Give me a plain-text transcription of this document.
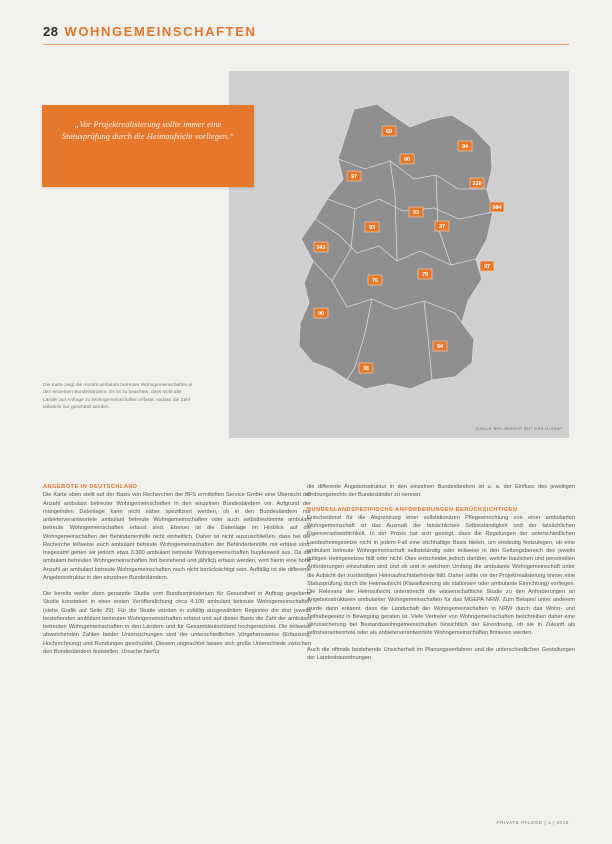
28 WOHNGEMEINSCHAFTEN
69
60
94
97
328
984
93
37
343
93
97
76
79
90
94
38
„Vor Projektrealisierung sollte immer eine Statusprüfung durch die Heimaufsicht vorliegen.“
Die Karte zeigt die Anzahl ambulant betreuter Wohngemeinschaften in den einzelnen Bundesländern. Es ist zu beachten, dass nicht alle Länder auf Anfrage zu Wohngemeinschaften erfasst, sodass die Zahl teilweise nur geschätzt werden.
QUELLE: BFS: BERICHT SEIT 2015 ZU ASAP

ANGEBOTE IN DEUTSCHLAND

Die Karte oben stellt auf der Basis von Recherchen der BFS ermittelten Service GmbH eine Übersicht der Anzahl ambulant betreuter Wohngemeinschaften in den einzelnen Bundesländern vor. Aufgrund der mangelnden Datenlage kann nicht näher spezifiziert werden, ob in den Bundesländern nur anbieterverantwortete ambulant betreute Wohngemeinschaften oder auch selbstbestimmte ambulant betreute Wohngemeinschaften erfasst sind. Ebenso ist die Datenlage im Hinblick auf die Wohngemeinschaften der Behindertenhilfe nicht einheitlich. Daher ist nicht auszuschließen, dass bei der Recherche teilweise auch ambulant betreute Wohngemeinschaften der Behindertenhilfe mit erfasst sind. Insgesamt gehen wir jedoch etwa 3.300 ambulant betreute Wohngemeinschaften bundesweit aus. Da die ambulant betreuten Wohngemeinschaften fort bestehend und jährlich erfasst werden, wird hierin eine hohe Anzahl an ambulant betreute Wohngemeinschaften noch nicht berücksichtigt sein. Auffällig ist die differente Angebotsstruktur in den einzelnen Bundesländern.

Die bereits weiter oben genannte Studie vom Bundesministerium für Gesundheit in Auftrag gegebene Studie konstatiert in einer ersten Veröffentlichung circa 4.100 ambulant betreute Wohngemeinschaften (siehe Grafik auf Seite 29). Für die Studie wurden in zufällig ausgewählten Regionen die dort jeweils bestehenden ambulant betreuten Wohngemeinschaften erfasst und auf dieser Basis die Zahl der ambulant betreuten Wohngemeinschaften in den Ländern und für Gesamtdeutschland hochgerechnet. Die teilweise abweichenden Zahlen beider Untersuchungen sind der unterschiedlichen Vorgehensweise (Erfassung, Hochrechnung) und Rundungen geschuldet. Diesem ungeachtet lassen sich große Unterschiede zwischen den Bundesländern feststellen. Ursache hierfür

die differente Angebotsstruktur in den einzelnen Bundesländern ist u. a. der Einfluss des jeweiligen Ordnungsrechts der Bundesländer zu nennen.

BUNDESLANDSPEZIFISCHE ANFORDERUNGEN BERÜCKSICHTIGEN

Entscheidend für die Abgrenzung einer vollstationären Pflegeeinrichtung von einer ambulanten Wohngemeinschaft ist das Ausmaß der tatsächlichen Selbstständigkeit und der tatsächlichen Eigenverantwortlichkeit. In der Praxis hat sich gezeigt, dass die Regelungen der unterschiedlichen Landesheimgesetze nicht in jedem Fall eine stichhaltige Basis bieten, um eindeutig festzulegen, ob eine ambulant betreute Wohngemeinschaft selbstständig oder teilweise in den Geltungsbereich des jeweils gültigen Heimgesetzes fällt oder nicht. Dies entscheidet jedoch darüber, welche baulichen und personellen Anforderungen einzuhalten sind und ob und in welchem Umfang die ambulante Wohngemeinschaft unter die Aufsicht der zuständigen Heimaufsichtsbehörde fällt. Daher sollte vor der Projektrealisierung immer eine Statusprüfung durch die Heimaufsicht (Klassifizierung als stationäre oder ambulante Einrichtung) vorliegen. Die Relevanz der Heimaufsicht unterstreicht die wissenschaftliche Studie zu den Anforderungen an Angebotsstrukturen ambulanter Wohngemeinschaften für das MGEPA NRW. Zum Beispiel unter anderem wurde darin erkannt, dass die Landschaft der Wohngemeinschaften in NRW durch das Wohn- und Teilhabegesetz in Bewegung geraten ist. Viele Vertreter von Wohngemeinschaften beschreiben daher eine Verunsicherung bei Bestandswohngemeinschaften hinsichtlich der Einordnung, ob sie in Zukunft als selbstverantwortete oder als anbieterverantwortete Wohngemeinschaften firmieren werden.

Auch die oftmals bestehende Unsicherheit im Planungsverfahren und die unterschiedlichen Gestaltungen der Landesbauordnungen

PRIVATE PFLEGE | 1 | 2016
